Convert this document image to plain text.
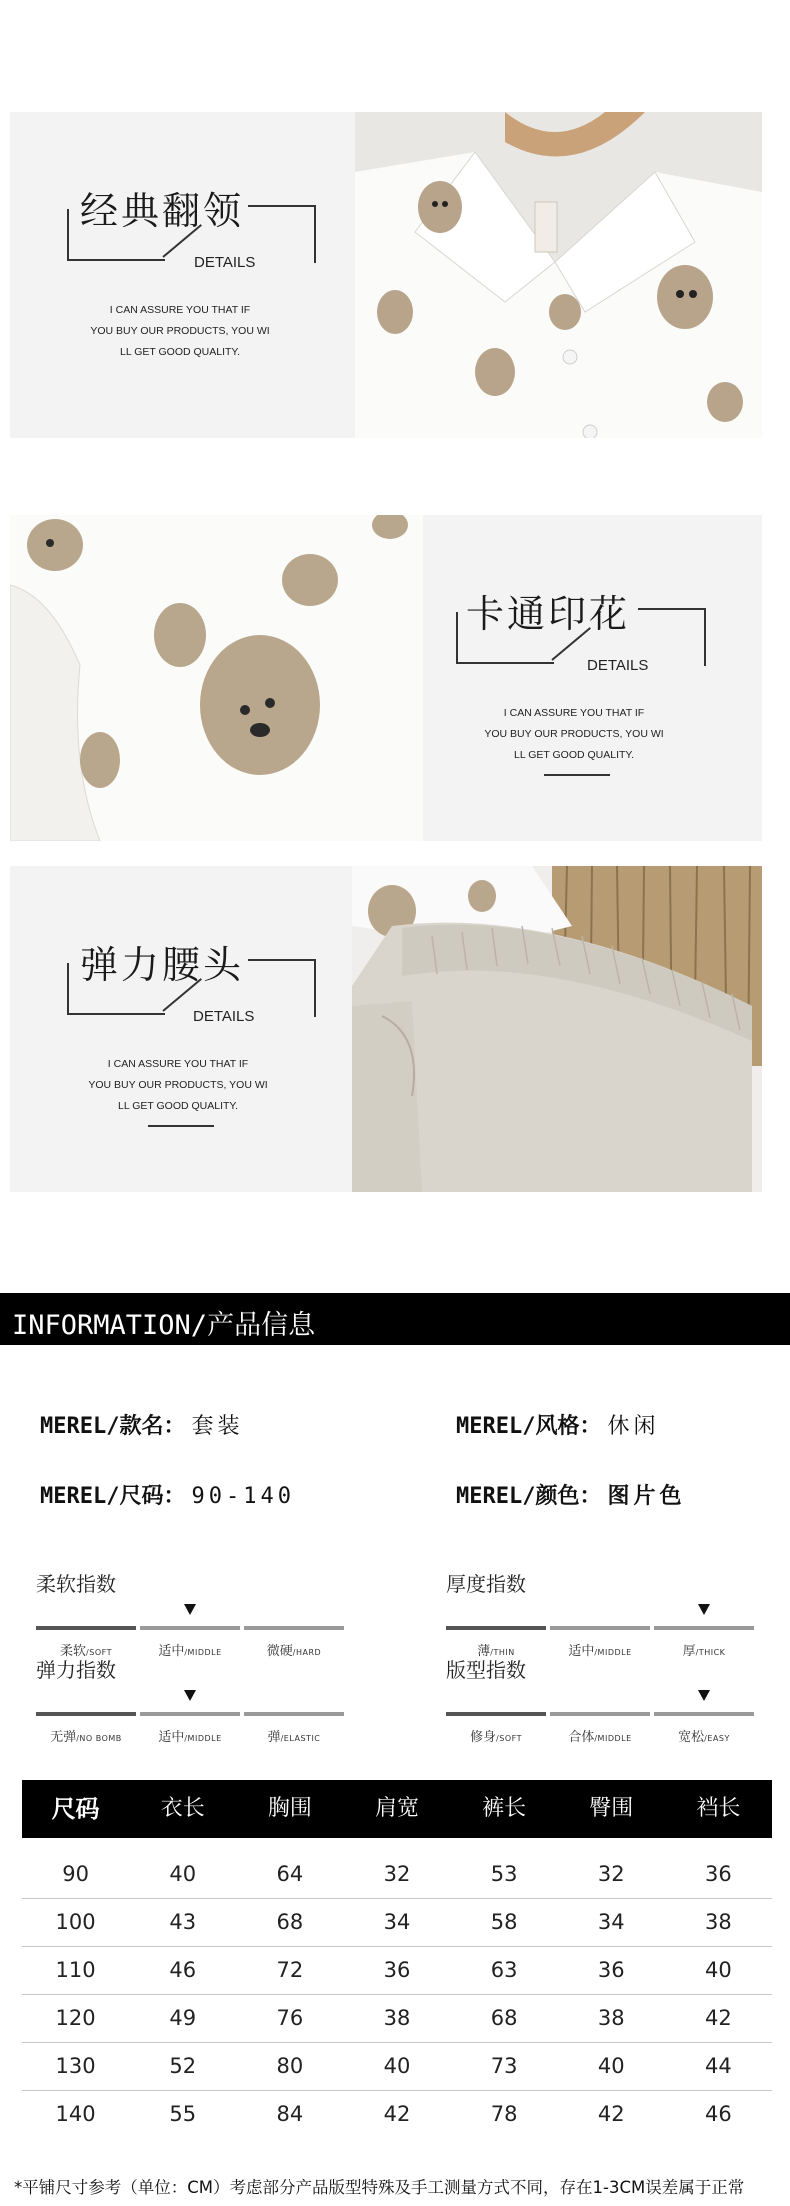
经典翻领
DETAILS
I CAN ASSURE YOU THAT IF
YOU BUY OUR PRODUCTS, YOU WI
LL GET GOOD QUALITY.
卡通印花
DETAILS
I CAN ASSURE YOU THAT IF
YOU BUY OUR PRODUCTS, YOU WI
LL GET GOOD QUALITY.
弹力腰头
DETAILS
I CAN ASSURE YOU THAT IF
YOU BUY OUR PRODUCTS, YOU WI
LL GET GOOD QUALITY.
INFORMATION/产品信息
MEREL/款名： 套装	MEREL/风格： 休闲
MEREL/尺码： 90-140	MEREL/颜色： 图片色
柔软指数
柔软/SOFT	适中/MIDDLE	微硬/HARD
厚度指数
薄/THIN	适中/MIDDLE	厚/THICK
弹力指数
无弹/NO BOMB	适中/MIDDLE	弹/ELASTIC
版型指数
修身/SOFT	合体/MIDDLE	宽松/EASY
尺码	衣长	胸围	肩宽	裤长	臀围	裆长
90	40	64	32	53	32	36
100	43	68	34	58	34	38
110	46	72	36	63	36	40
120	49	76	38	68	38	42
130	52	80	40	73	40	44
140	55	84	42	78	42	46
*平铺尺寸参考（单位：CM）考虑部分产品版型特殊及手工测量方式不同，存在1-3CM误差属于正常
